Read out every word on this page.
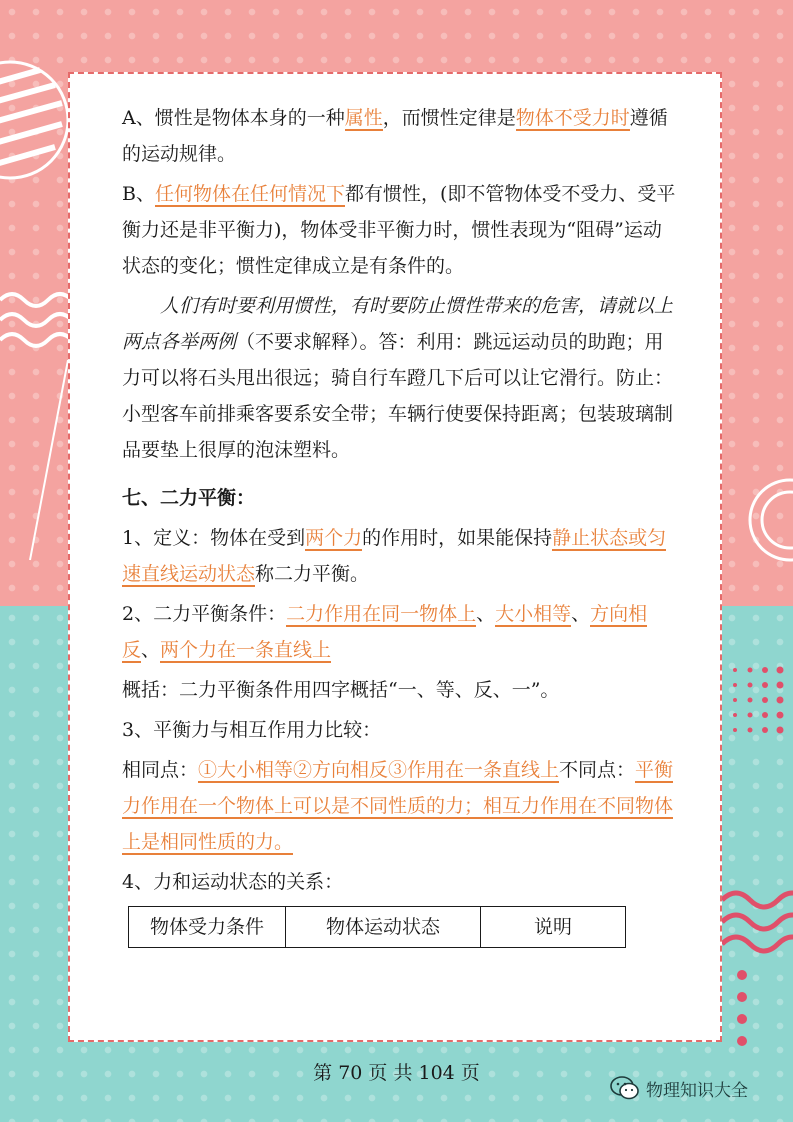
A、惯性是物体本身的一种属性，而惯性定律是物体不受力时遵循的运动规律。

B、任何物体在任何情况下都有惯性，(即不管物体受不受力、受平衡力还是非平衡力)，物体受非平衡力时，惯性表现为“阻碍”运动状态的变化；惯性定律成立是有条件的。

人们有时要利用惯性，有时要防止惯性带来的危害，请就以上两点各举两例（不要求解释）。答：利用：跳远运动员的助跑；用力可以将石头甩出很远；骑自行车蹬几下后可以让它滑行。防止：小型客车前排乘客要系安全带；车辆行使要保持距离；包装玻璃制品要垫上很厚的泡沫塑料。

七、二力平衡：

1、定义：物体在受到两个力的作用时，如果能保持静止状态或匀速直线运动状态称二力平衡。

2、二力平衡条件：二力作用在同一物体上、大小相等、方向相反、两个力在一条直线上

概括：二力平衡条件用四字概括“一、等、反、一”。

3、平衡力与相互作用力比较：

相同点：①大小相等②方向相反③作用在一条直线上不同点：平衡力作用在一个物体上可以是不同性质的力；相互力作用在不同物体上是相同性质的力。

4、力和运动状态的关系：

物体受力条件	物体运动状态	说明
第 70 页 共 104 页
物理知识大全
